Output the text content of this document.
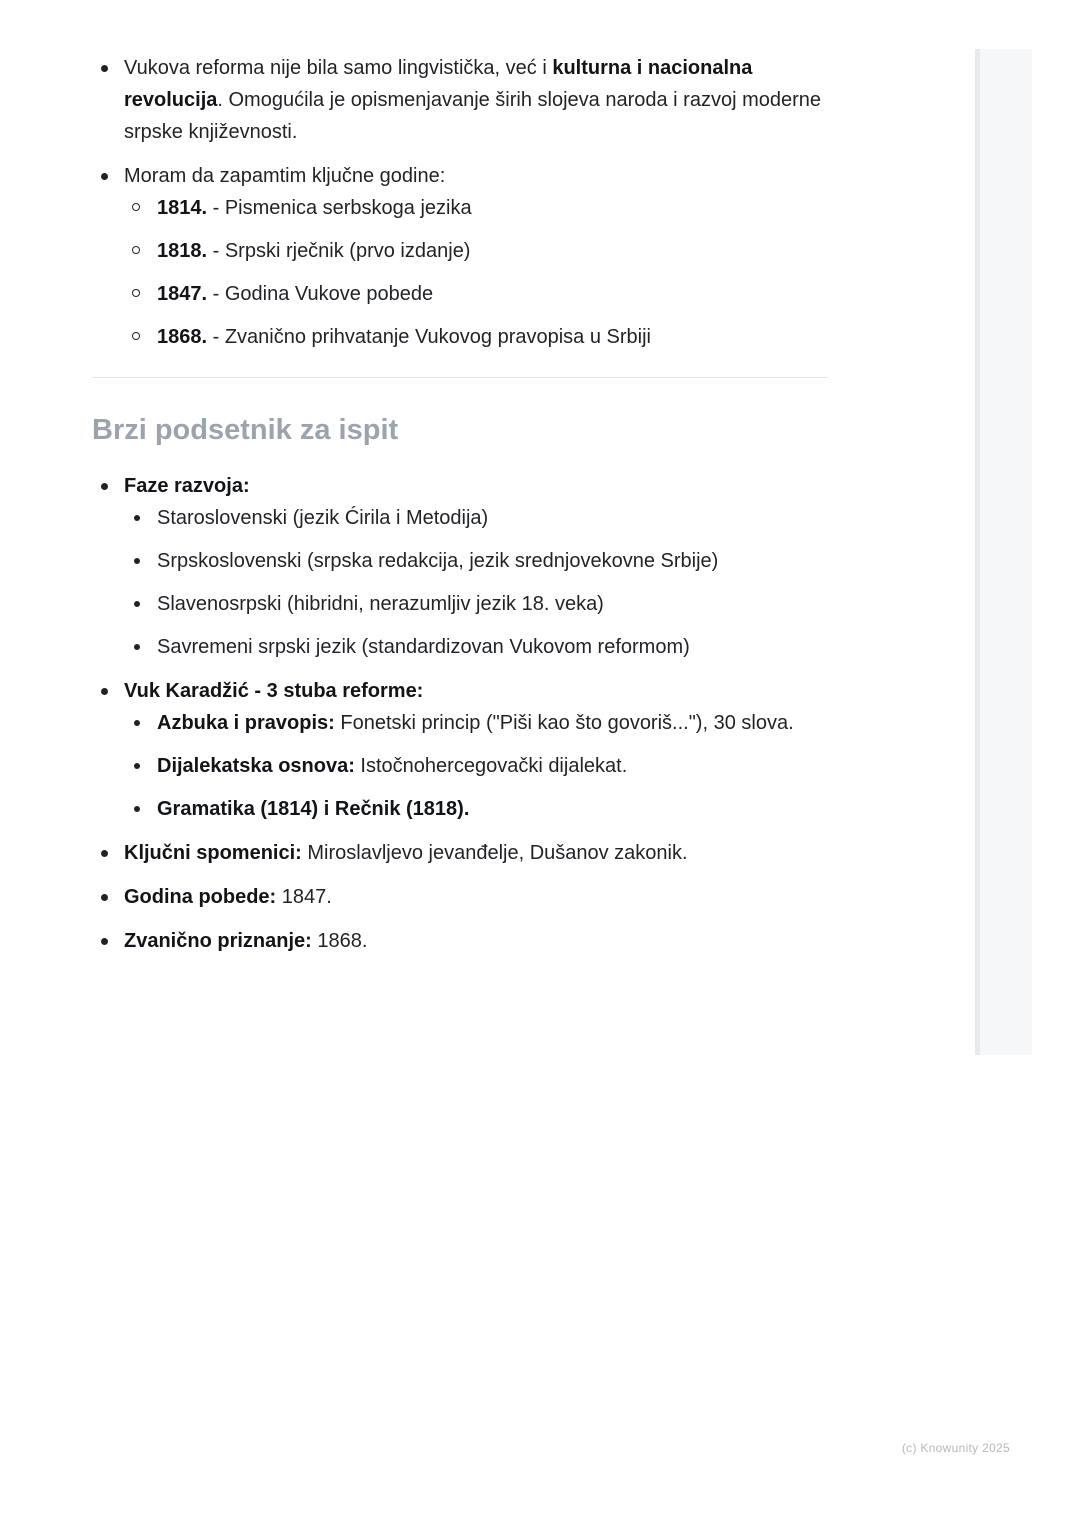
Vukova reforma nije bila samo lingvistička, već i kulturna i nacionalna revolucija. Omogućila je opismenjavanje širih slojeva naroda i razvoj moderne srpske književnosti.
Moram da zapamtim ključne godine:
1814. - Pismenica serbskoga jezika
1818. - Srpski rječnik (prvo izdanje)
1847. - Godina Vukove pobede
1868. - Zvanično prihvatanje Vukovog pravopisa u Srbiji
Brzi podsetnik za ispit
Faze razvoja:
Staroslovenski (jezik Ćirila i Metodija)
Srpskoslovenski (srpska redakcija, jezik srednjovekovne Srbije)
Slavenosrpski (hibridni, nerazumljiv jezik 18. veka)
Savremeni srpski jezik (standardizovan Vukovom reformom)
Vuk Karadžić - 3 stuba reforme:
Azbuka i pravopis: Fonetski princip ("Piši kao što govoriš..."), 30 slova.
Dijalekatska osnova: Istočnohercegovački dijalekat.
Gramatika (1814) i Rečnik (1818).
Ključni spomenici: Miroslavljevo jevanđelje, Dušanov zakonik.
Godina pobede: 1847.
Zvanično priznanje: 1868.
(c) Knowunity 2025
